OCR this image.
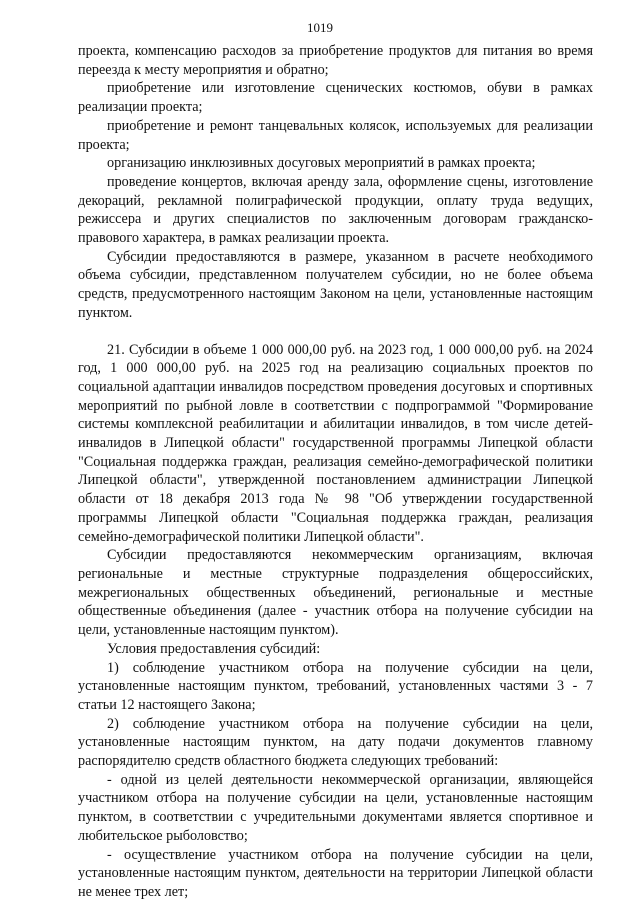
1019

проекта, компенсацию расходов за приобретение продуктов для питания во время переезда к месту мероприятия и обратно;

приобретение или изготовление сценических костюмов, обуви в рамках реализации проекта;

приобретение и ремонт танцевальных колясок, используемых для реализации проекта;

организацию инклюзивных досуговых мероприятий в рамках проекта;

проведение концертов, включая аренду зала, оформление сцены, изготовление декораций, рекламной полиграфической продукции, оплату труда ведущих, режиссера и других специалистов по заключенным договорам гражданско-правового характера, в рамках реализации проекта.

Субсидии предоставляются в размере, указанном в расчете необходимого объема субсидии, представленном получателем субсидии, но не более объема средств, предусмотренного настоящим Законом на цели, установленные настоящим пунктом.

21. Субсидии в объеме 1 000 000,00 руб. на 2023 год, 1 000 000,00 руб. на 2024 год, 1 000 000,00 руб. на 2025 год на реализацию социальных проектов по социальной адаптации инвалидов посредством проведения досуговых и спортивных мероприятий по рыбной ловле в соответствии с подпрограммой "Формирование системы комплексной реабилитации и абилитации инвалидов, в том числе детей-инвалидов в Липецкой области" государственной программы Липецкой области "Социальная поддержка граждан, реализация семейно-демографической политики Липецкой области", утвержденной постановлением администрации Липецкой области от 18 декабря 2013 года № 98 "Об утверждении государственной программы Липецкой области "Социальная поддержка граждан, реализация семейно-демографической политики Липецкой области".

Субсидии предоставляются некоммерческим организациям, включая региональные и местные структурные подразделения общероссийских, межрегиональных общественных объединений, региональные и местные общественные объединения (далее - участник отбора на получение субсидии на цели, установленные настоящим пунктом).

Условия предоставления субсидий:

1) соблюдение участником отбора на получение субсидии на цели, установленные настоящим пунктом, требований, установленных частями 3 - 7 статьи 12 настоящего Закона;

2) соблюдение участником отбора на получение субсидии на цели, установленные настоящим пунктом, на дату подачи документов главному распорядителю средств областного бюджета следующих требований:

- одной из целей деятельности некоммерческой организации, являющейся участником отбора на получение субсидии на цели, установленные настоящим пунктом, в соответствии с учредительными документами является спортивное и любительское рыболовство;

- осуществление участником отбора на получение субсидии на цели, установленные настоящим пунктом, деятельности на территории Липецкой области не менее трех лет;
